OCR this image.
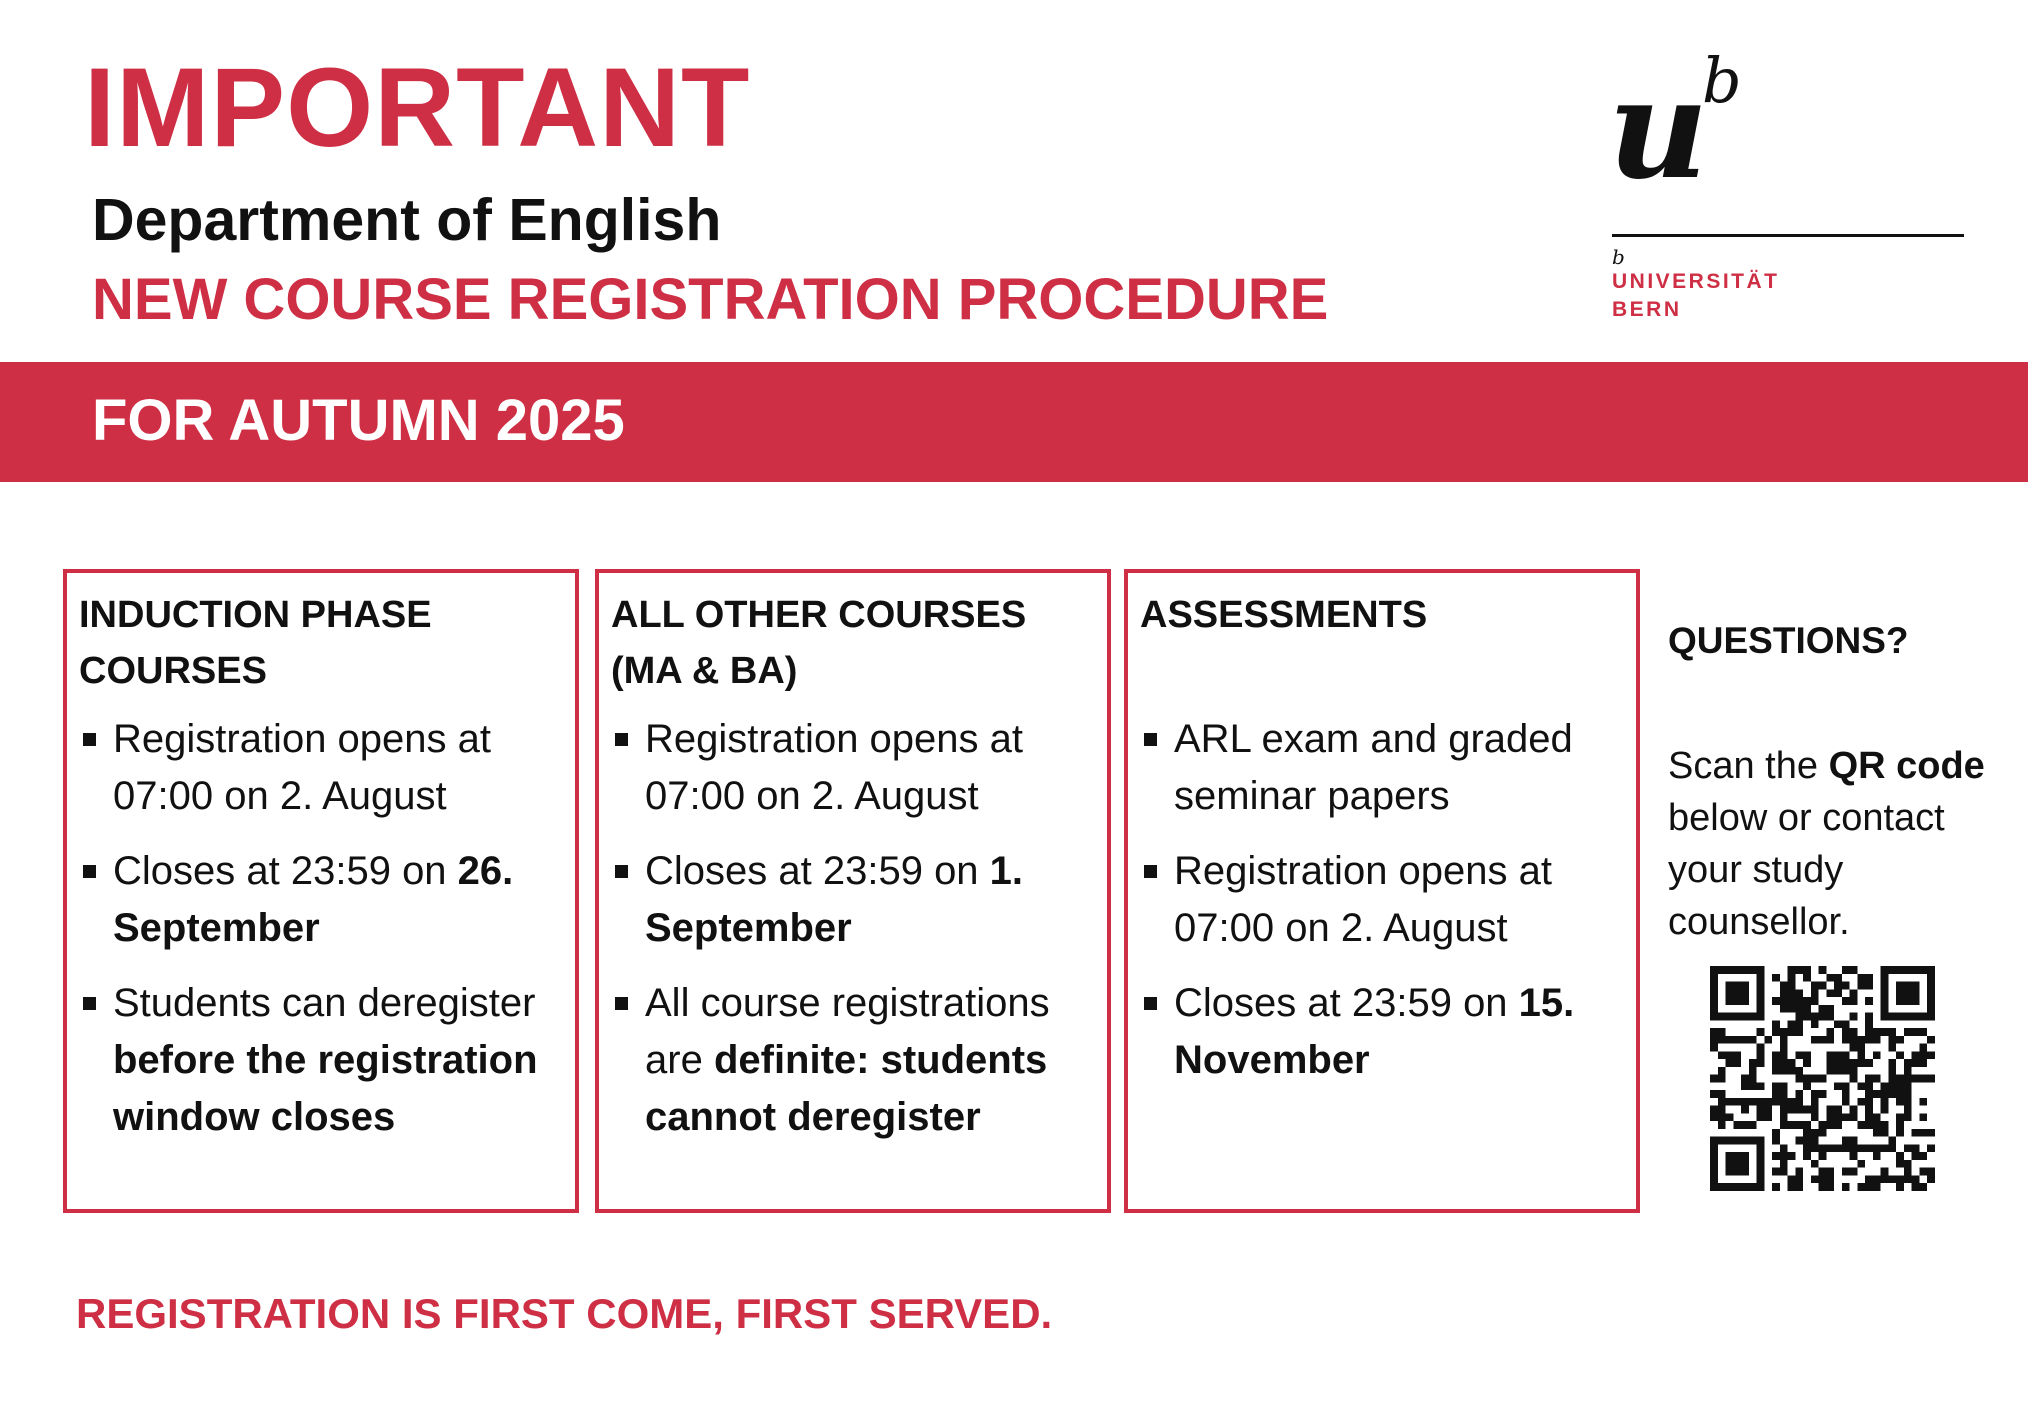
IMPORTANT
Department of English
NEW COURSE REGISTRATION PROCEDURE
u
b
b
UNIVERSITÄT
BERN
FOR AUTUMN 2025
INDUCTION PHASE COURSES
Registration opens at 07:00 on 2. August
Closes at 23:59 on 26. September
Students can deregister before the registration window closes
ALL OTHER COURSES (MA & BA)
Registration opens at 07:00 on 2. August
Closes at 23:59 on 1. September
All course registrations are definite: students cannot deregister
ASSESSMENTS
ARL exam and graded seminar papers
Registration opens at 07:00 on 2. August
Closes at 23:59 on 15. November
QUESTIONS?

Scan the QR code below or contact your study counsellor.

REGISTRATION IS FIRST COME, FIRST SERVED.
